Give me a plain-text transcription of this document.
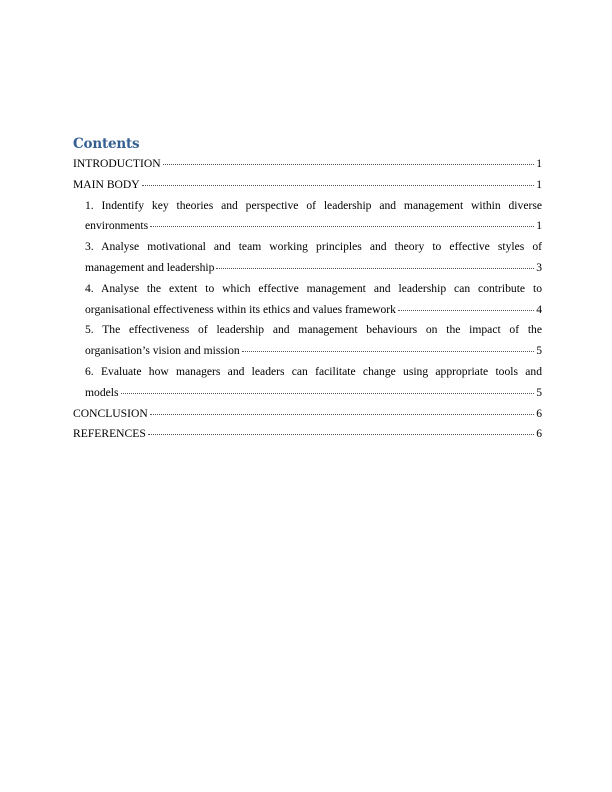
Contents
INTRODUCTION	1
MAIN BODY	1
1. Indentify key theories and perspective of leadership and management within diverse
environments	1
3. Analyse motivational and team working principles and theory to effective styles of
management and leadership	3
4. Analyse the extent to which effective management and leadership can contribute to
organisational effectiveness within its ethics and values framework	4
5. The effectiveness of leadership and management behaviours on the impact of the
organisation’s vision and mission	5
6. Evaluate how managers and leaders can facilitate change using appropriate tools and
models	5
CONCLUSION	6
REFERENCES	6
